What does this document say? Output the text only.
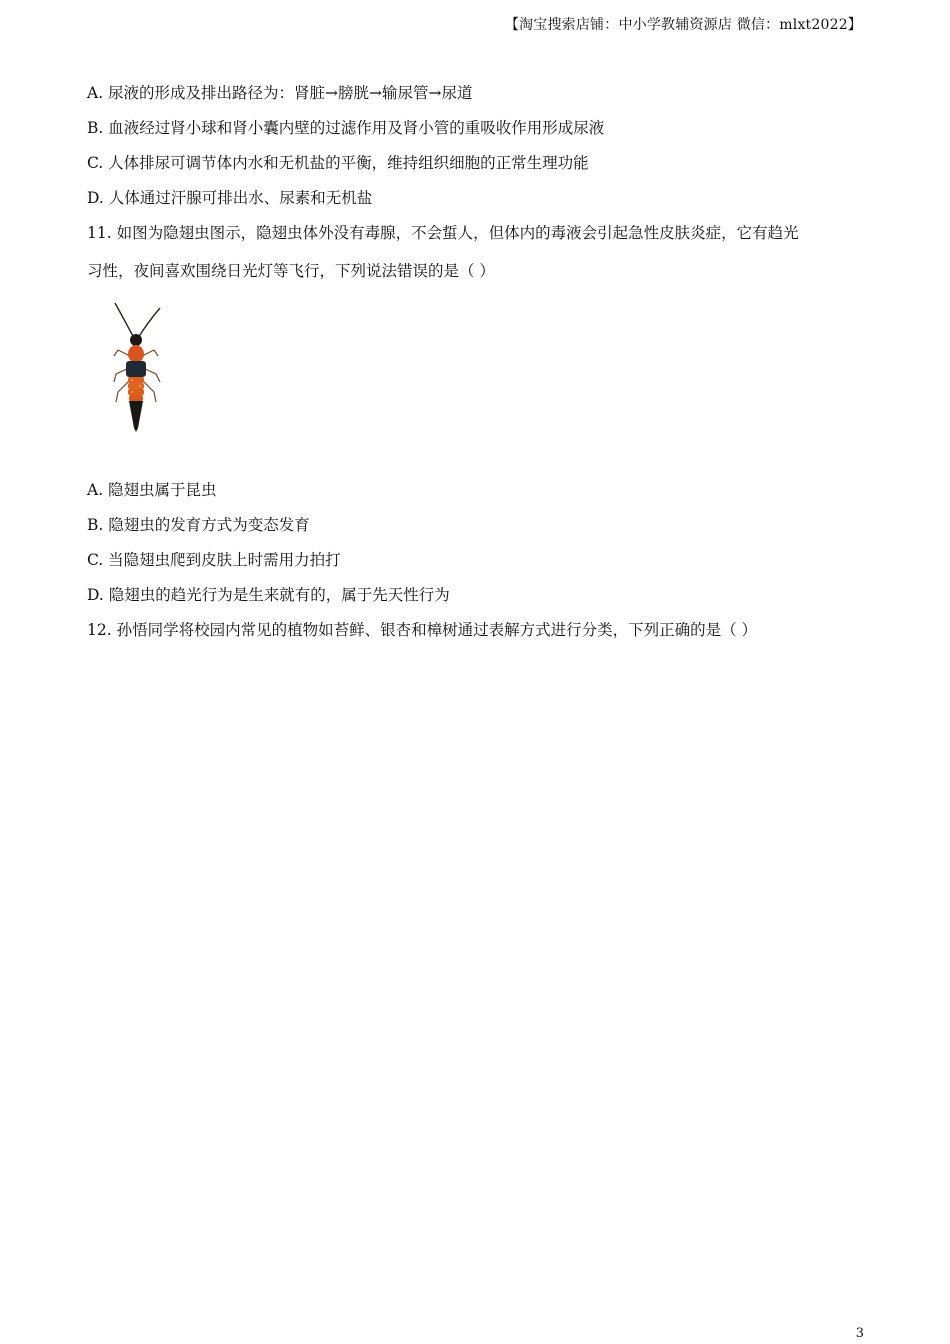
【淘宝搜索店铺：中小学教辅资源店 微信：mlxt2022】
A. 尿液的形成及排出路径为：肾脏→膀胱→输尿管→尿道
B. 血液经过肾小球和肾小囊内壁的过滤作用及肾小管的重吸收作用形成尿液
C. 人体排尿可调节体内水和无机盐的平衡，维持组织细胞的正常生理功能
D. 人体通过汗腺可排出水、尿素和无机盐
11. 如图为隐翅虫图示，隐翅虫体外没有毒腺，不会蜇人，但体内的毒液会引起急性皮肤炎症，它有趋光
习性，夜间喜欢围绕日光灯等飞行，下列说法错误的是（ ）
A. 隐翅虫属于昆虫
B. 隐翅虫的发育方式为变态发育
C. 当隐翅虫爬到皮肤上时需用力拍打
D. 隐翅虫的趋光行为是生来就有的，属于先天性行为
12. 孙悟同学将校园内常见的植物如苔鲜、银杏和樟树通过表解方式进行分类，下列正确的是（ ）
3
